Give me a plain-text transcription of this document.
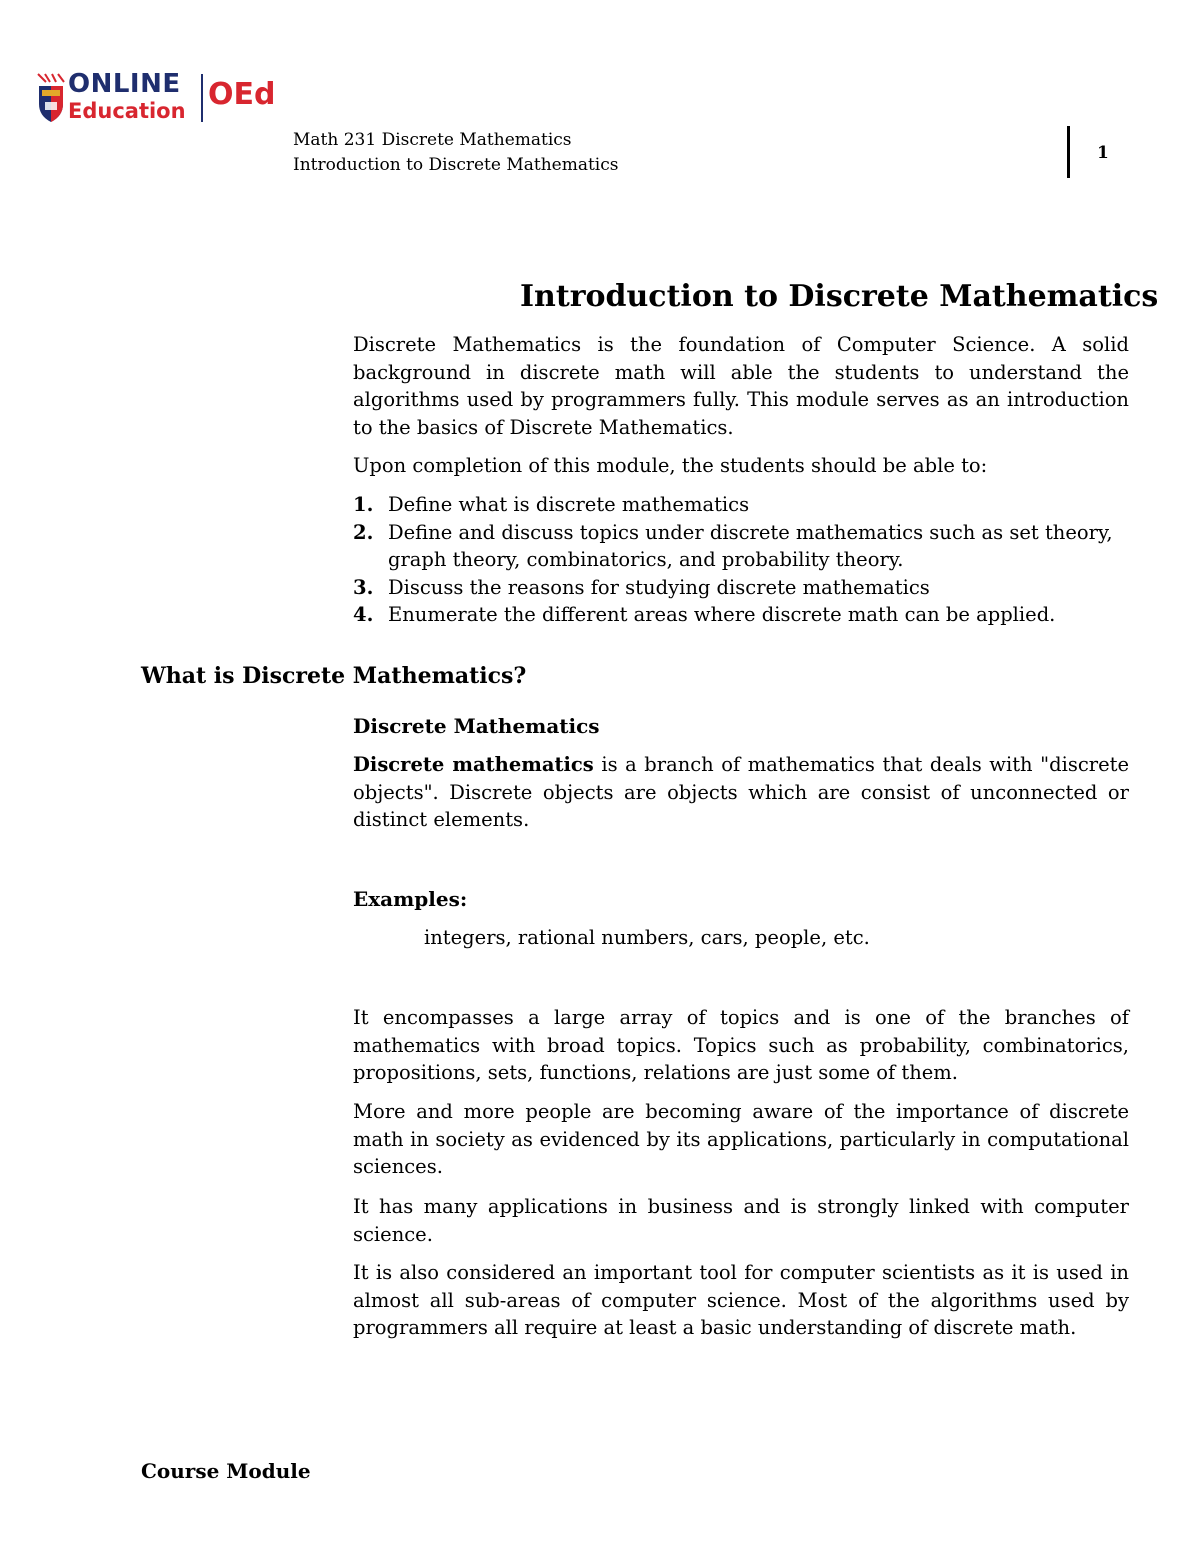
ONLINE
Education OEd
Math 231 Discrete Mathematics
Introduction to Discrete Mathematics
1
Introduction to Discrete Mathematics

Discrete Mathematics is the foundation of Computer Science. A solid background in discrete math will able the students to understand the algorithms used by programmers fully. This module serves as an introduction to the basics of Discrete Mathematics.

Upon completion of this module, the students should be able to:

1. Define what is discrete mathematics
2. Define and discuss topics under discrete mathematics such as set theory, graph theory, combinatorics, and probability theory.
3. Discuss the reasons for studying discrete mathematics
4. Enumerate the different areas where discrete math can be applied.
What is Discrete Mathematics?
Discrete Mathematics

Discrete mathematics is a branch of mathematics that deals with "discrete objects". Discrete objects are objects which are consist of unconnected or distinct elements.

Examples:
integers, rational numbers, cars, people, etc.

It encompasses a large array of topics and is one of the branches of mathematics with broad topics. Topics such as probability, combinatorics, propositions, sets, functions, relations are just some of them.

More and more people are becoming aware of the importance of discrete math in society as evidenced by its applications, particularly in computational sciences.

It has many applications in business and is strongly linked with computer science.

It is also considered an important tool for computer scientists as it is used in almost all sub-areas of computer science. Most of the algorithms used by programmers all require at least a basic understanding of discrete math.

Course Module
